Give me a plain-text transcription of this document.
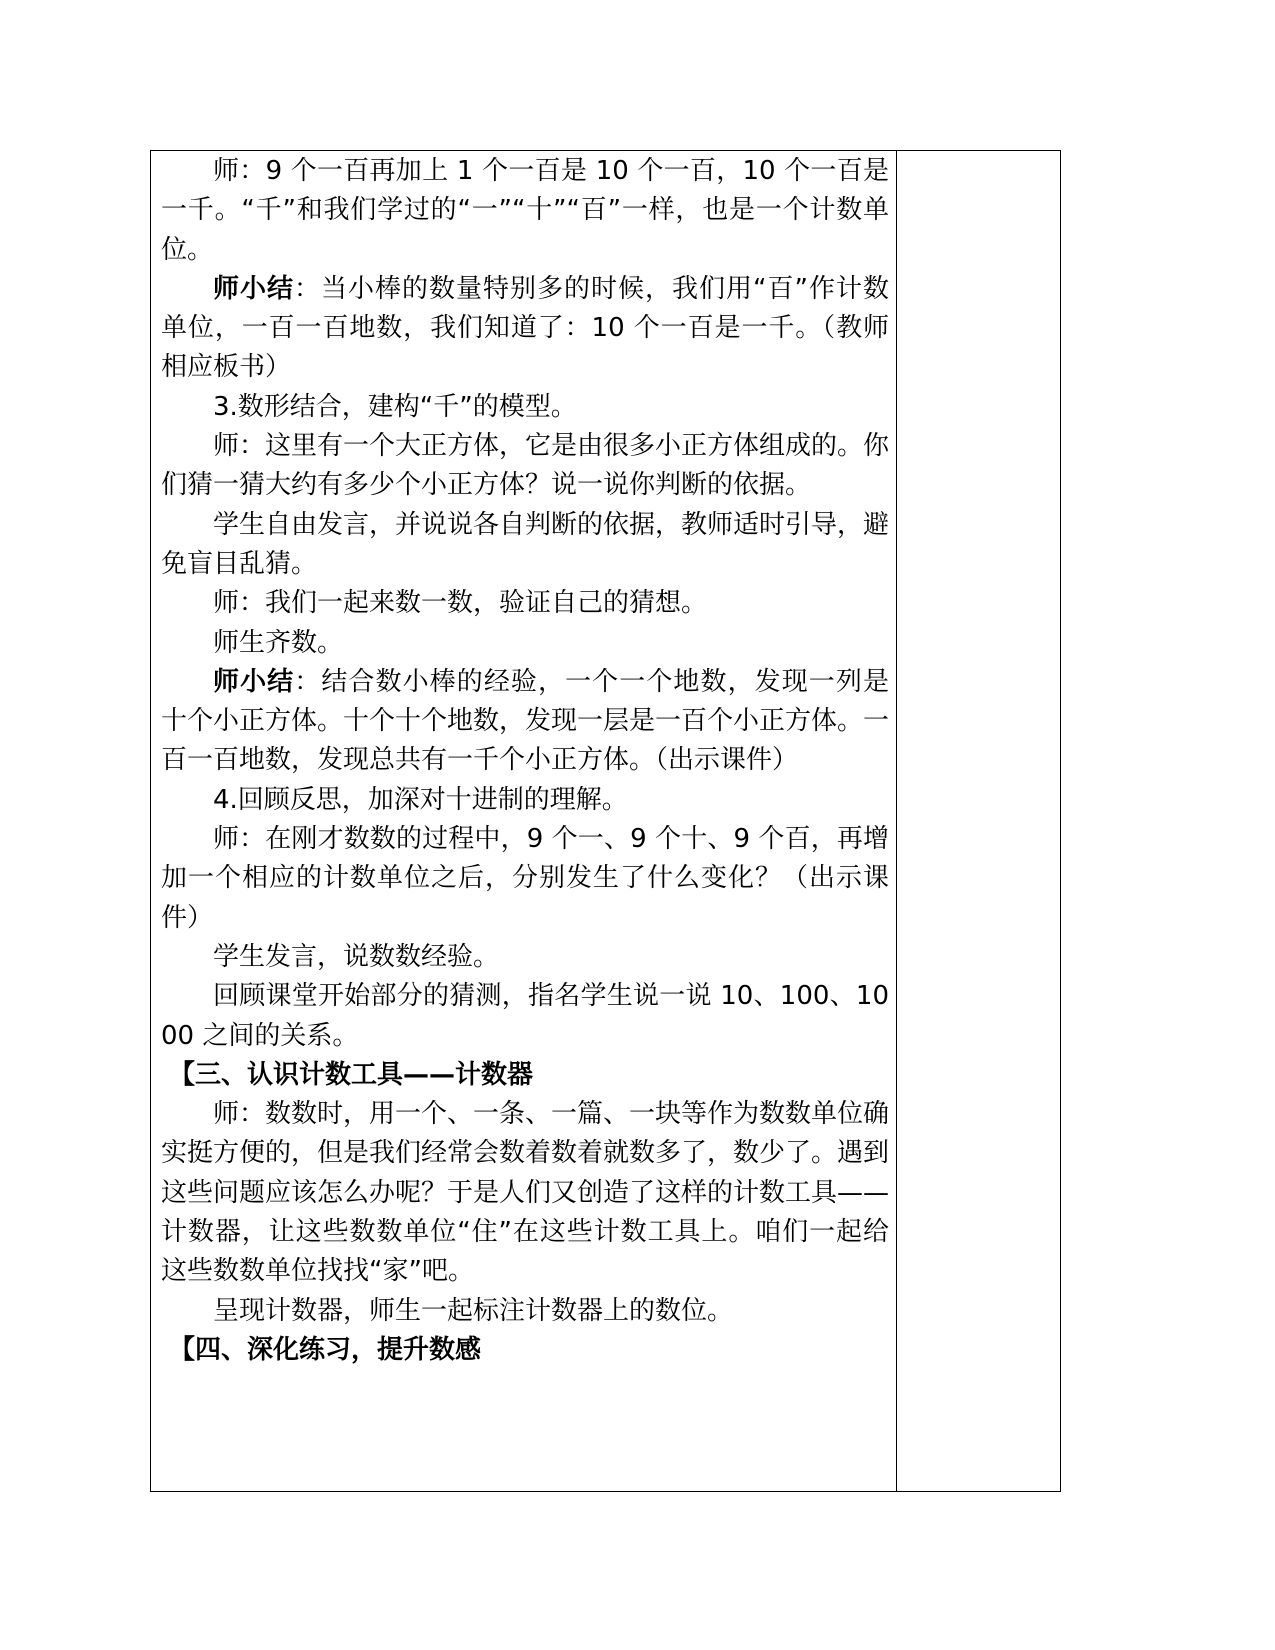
师：9 个一百再加上 1 个一百是 10 个一百，10 个一百是一千。“千”和我们学过的“一”“十”“百”一样，也是一个计数单位。

师小结：当小棒的数量特别多的时候，我们用“百”作计数单位，一百一百地数，我们知道了：10 个一百是一千。（教师相应板书）

3.数形结合，建构“千”的模型。

师：这里有一个大正方体，它是由很多小正方体组成的。你们猜一猜大约有多少个小正方体？说一说你判断的依据。

学生自由发言，并说说各自判断的依据，教师适时引导，避免盲目乱猜。

师：我们一起来数一数，验证自己的猜想。

师生齐数。

师小结：结合数小棒的经验，一个一个地数，发现一列是十个小正方体。十个十个地数，发现一层是一百个小正方体。一百一百地数，发现总共有一千个小正方体。（出示课件）

4.回顾反思，加深对十进制的理解。

师：在刚才数数的过程中，9 个一、9 个十、9 个百，再增加一个相应的计数单位之后，分别发生了什么变化？（出示课件）

学生发言，说数数经验。

回顾课堂开始部分的猜测，指名学生说一说 10、100、1000 之间的关系。

【三、认识计数工具——计数器

师：数数时，用一个、一条、一篇、一块等作为数数单位确实挺方便的，但是我们经常会数着数着就数多了，数少了。遇到这些问题应该怎么办呢？于是人们又创造了这样的计数工具——计数器，让这些数数单位“住”在这些计数工具上。咱们一起给这些数数单位找找“家”吧。

呈现计数器，师生一起标注计数器上的数位。

【四、深化练习，提升数感
